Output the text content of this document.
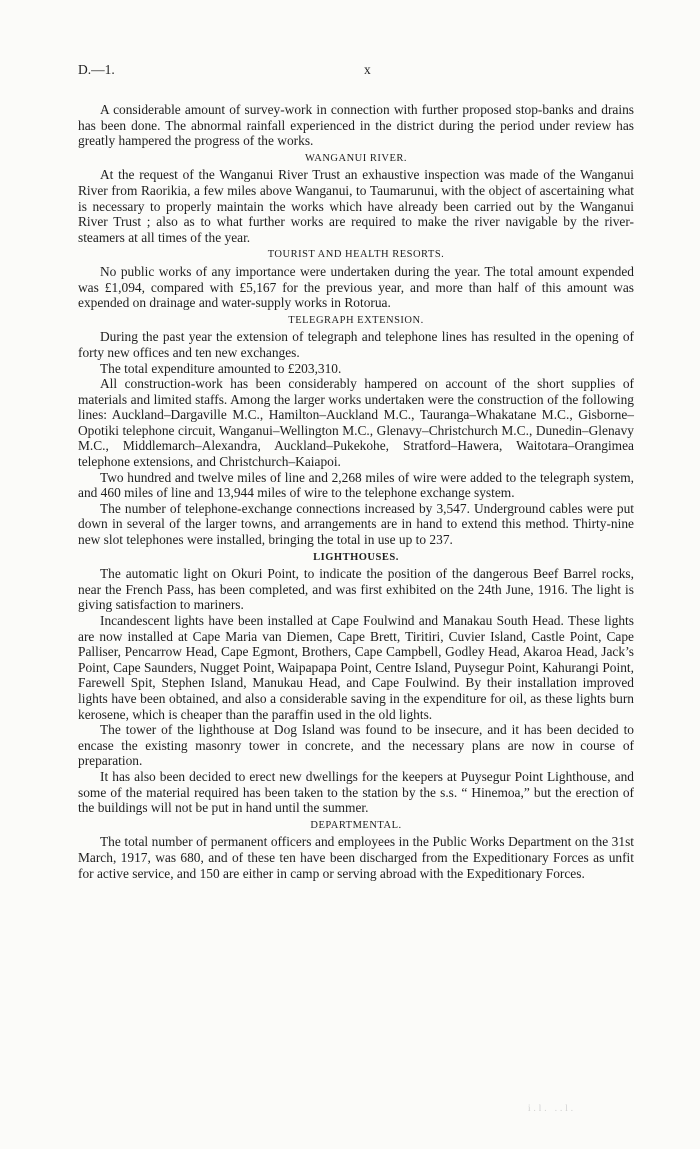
D.—1.	x

A considerable amount of survey-work in connection with further proposed stop-banks and drains has been done. The abnormal rainfall experienced in the district during the period under review has greatly hampered the progress of the works.

WANGANUI RIVER.

At the request of the Wanganui River Trust an exhaustive inspection was made of the Wanganui River from Raorikia, a few miles above Wanganui, to Taumarunui, with the object of ascertaining what is necessary to properly maintain the works which have already been carried out by the Wanganui River Trust ; also as to what further works are required to make the river navigable by the river-steamers at all times of the year.

TOURIST AND HEALTH RESORTS.

No public works of any importance were undertaken during the year. The total amount expended was £1,094, compared with £5,167 for the previous year, and more than half of this amount was expended on drainage and water-supply works in Rotorua.

TELEGRAPH EXTENSION.

During the past year the extension of telegraph and telephone lines has resulted in the opening of forty new offices and ten new exchanges.

The total expenditure amounted to £203,310.

All construction-work has been considerably hampered on account of the short supplies of materials and limited staffs. Among the larger works undertaken were the construction of the following lines: Auckland–Dargaville M.C., Hamilton–Auckland M.C., Tauranga–Whakatane M.C., Gisborne–Opotiki telephone circuit, Wanganui–Wellington M.C., Glenavy–Christchurch M.C., Dunedin–Glenavy M.C., Middlemarch–Alexandra, Auckland–Pukekohe, Stratford–Hawera, Waitotara–Orangimea telephone extensions, and Christchurch–Kaiapoi.

Two hundred and twelve miles of line and 2,268 miles of wire were added to the telegraph system, and 460 miles of line and 13,944 miles of wire to the telephone exchange system.

The number of telephone-exchange connections increased by 3,547. Underground cables were put down in several of the larger towns, and arrangements are in hand to extend this method. Thirty-nine new slot telephones were installed, bringing the total in use up to 237.

LIGHTHOUSES.

The automatic light on Okuri Point, to indicate the position of the dangerous Beef Barrel rocks, near the French Pass, has been completed, and was first exhibited on the 24th June, 1916. The light is giving satisfaction to mariners.

Incandescent lights have been installed at Cape Foulwind and Manakau South Head. These lights are now installed at Cape Maria van Diemen, Cape Brett, Tiritiri, Cuvier Island, Castle Point, Cape Palliser, Pencarrow Head, Cape Egmont, Brothers, Cape Campbell, Godley Head, Akaroa Head, Jack’s Point, Cape Saunders, Nugget Point, Waipapapa Point, Centre Island, Puysegur Point, Kahurangi Point, Farewell Spit, Stephen Island, Manukau Head, and Cape Foulwind. By their installation improved lights have been obtained, and also a considerable saving in the expenditure for oil, as these lights burn kerosene, which is cheaper than the paraffin used in the old lights.

The tower of the lighthouse at Dog Island was found to be insecure, and it has been decided to encase the existing masonry tower in concrete, and the necessary plans are now in course of preparation.

It has also been decided to erect new dwellings for the keepers at Puysegur Point Lighthouse, and some of the material required has been taken to the station by the s.s. “ Hinemoa,” but the erection of the buildings will not be put in hand until the summer.

DEPARTMENTAL.

The total number of permanent officers and employees in the Public Works Department on the 31st March, 1917, was 680, and of these ten have been discharged from the Expeditionary Forces as unfit for active service, and 150 are either in camp or serving abroad with the Expeditionary Forces.

i.l. ..l.
